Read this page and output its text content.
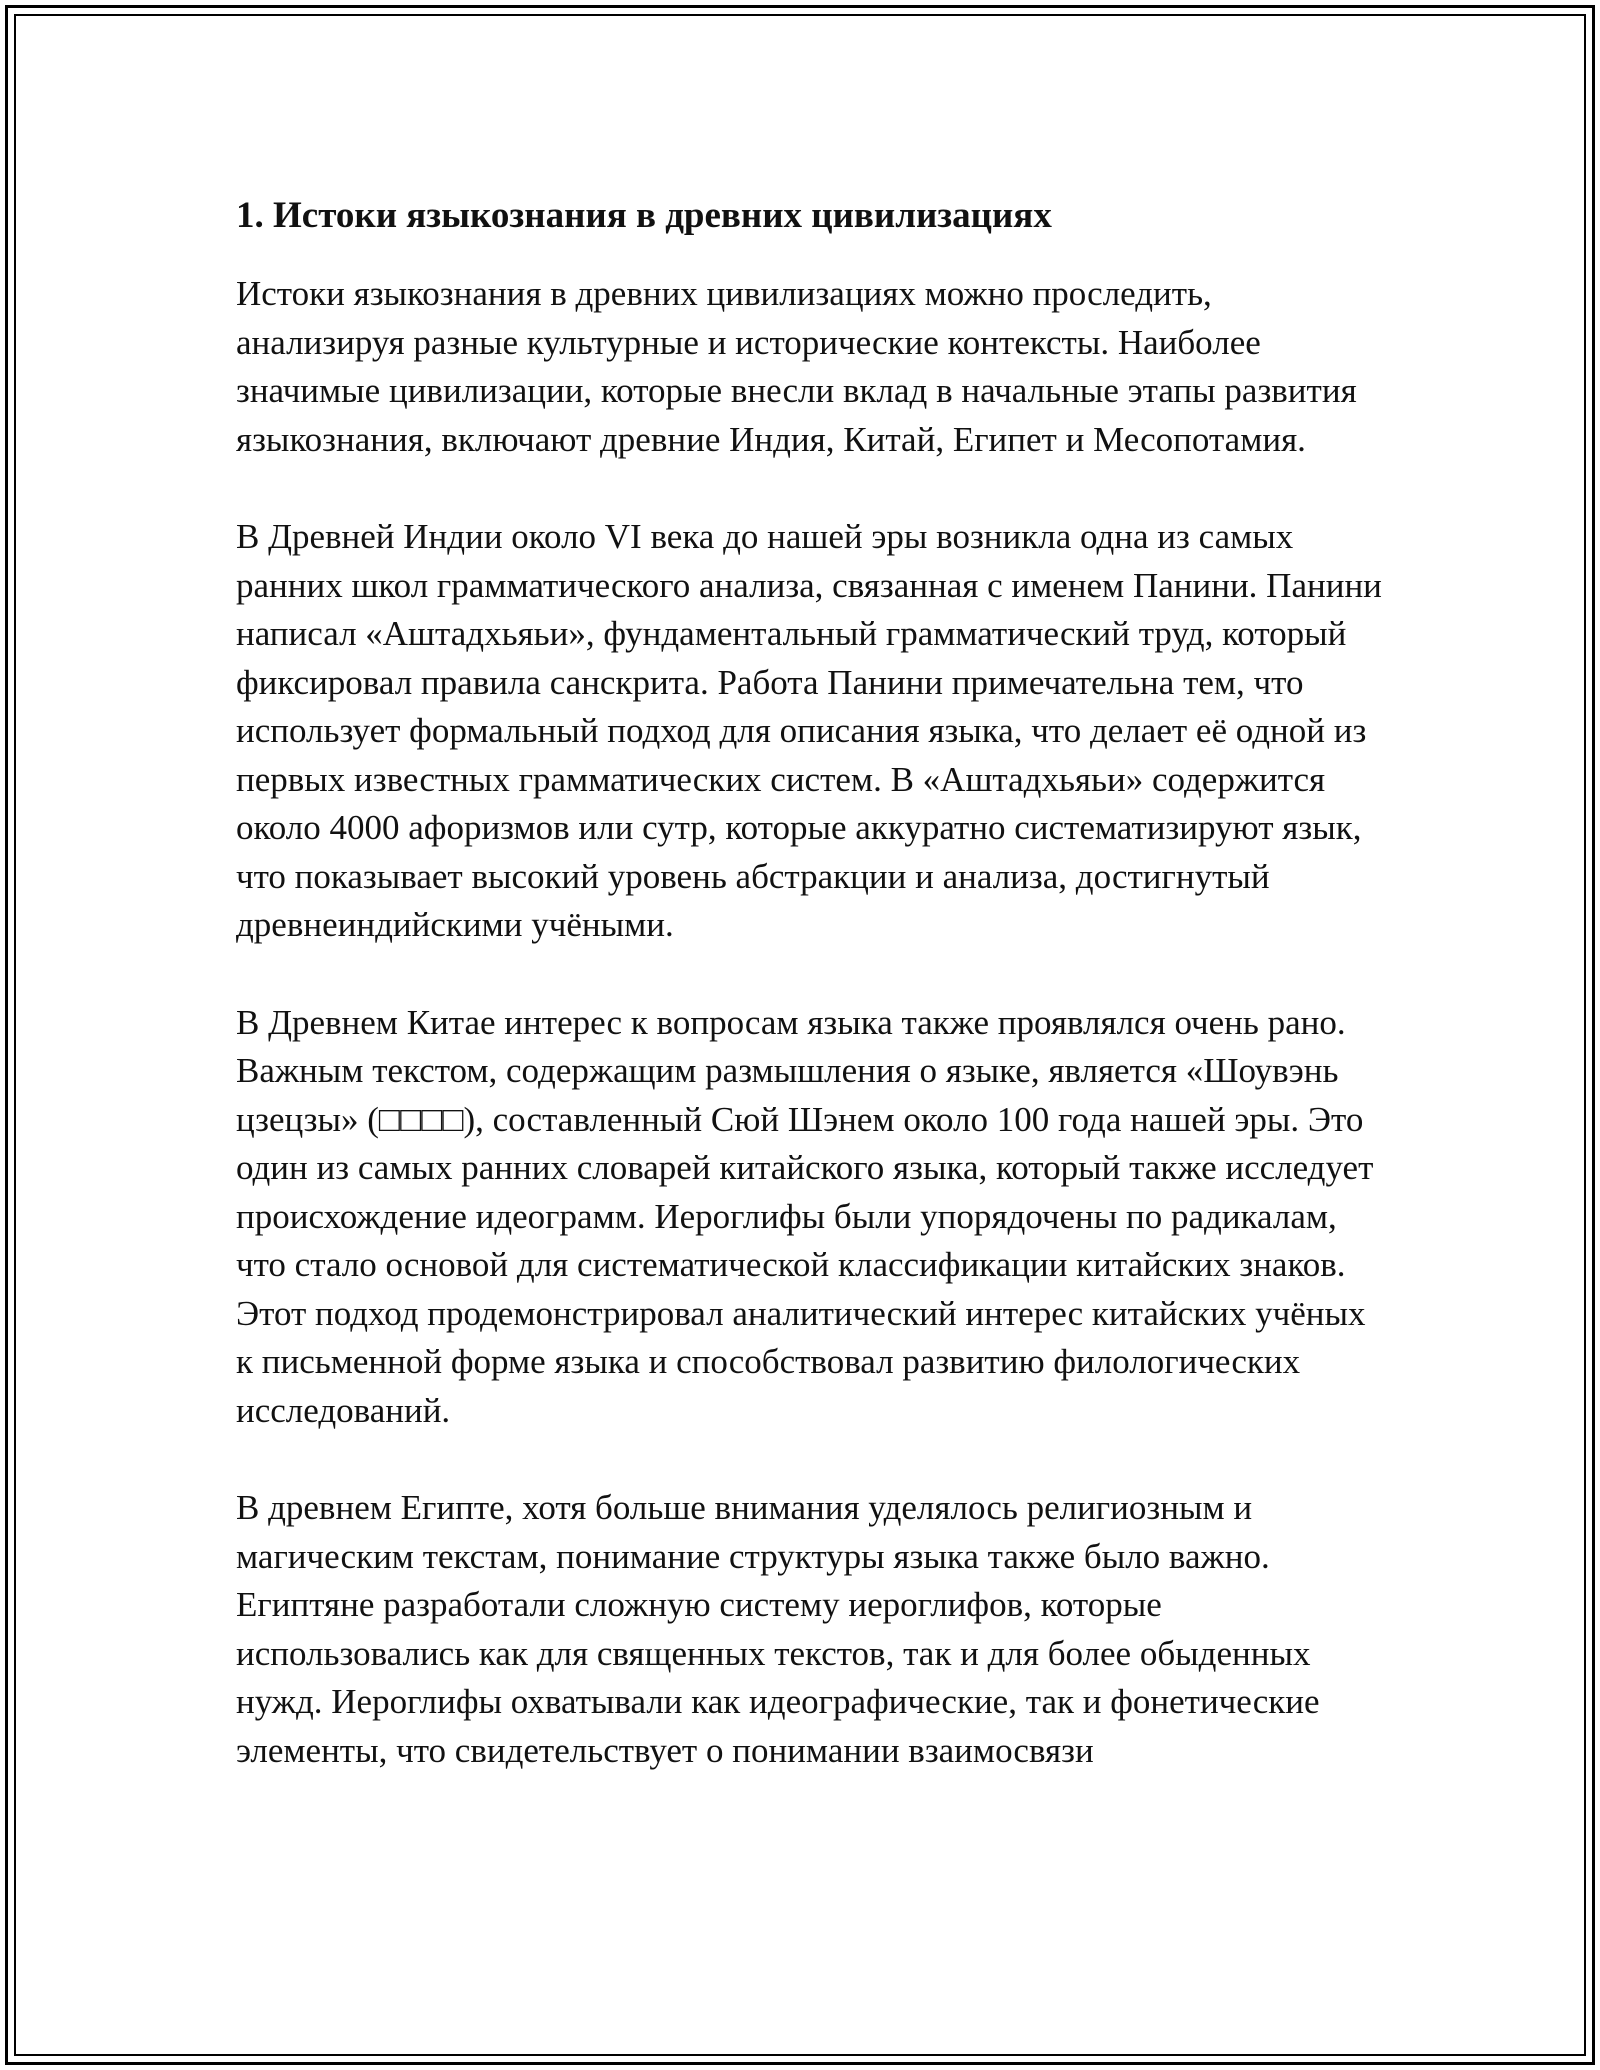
1. Истоки языкознания в древних цивилизациях

Истоки языкознания в древних цивилизациях можно проследить, анализируя разные культурные и исторические контексты. Наиболее значимые цивилизации, которые внесли вклад в начальные этапы развития языкознания, включают древние Индия, Китай, Египет и Месопотамия.

В Древней Индии около VI века до нашей эры возникла одна из самых ранних школ грамматического анализа, связанная с именем Панини. Панини написал «Аштадхьяьи», фундаментальный грамматический труд, который фиксировал правила санскрита. Работа Панини примечательна тем, что использует формальный подход для описания языка, что делает её одной из первых известных грамматических систем. В «Аштадхьяьи» содержится около 4000 афоризмов или сутр, которые аккуратно систематизируют язык, что показывает высокий уровень абстракции и анализа, достигнутый древнеиндийскими учёными.

В Древнем Китае интерес к вопросам языка также проявлялся очень рано. Важным текстом, содержащим размышления о языке, является «Шоувэнь цзецзы» (□□□□), составленный Сюй Шэнем около 100 года нашей эры. Это один из самых ранних словарей китайского языка, который также исследует происхождение идеограмм. Иероглифы были упорядочены по радикалам, что стало основой для систематической классификации китайских знаков. Этот подход продемонстрировал аналитический интерес китайских учёных к письменной форме языка и способствовал развитию филологических исследований.

В древнем Египте, хотя больше внимания уделялось религиозным и магическим текстам, понимание структуры языка также было важно. Египтяне разработали сложную систему иероглифов, которые использовались как для священных текстов, так и для более обыденных нужд. Иероглифы охватывали как идеографические, так и фонетические элементы, что свидетельствует о понимании взаимосвязи
